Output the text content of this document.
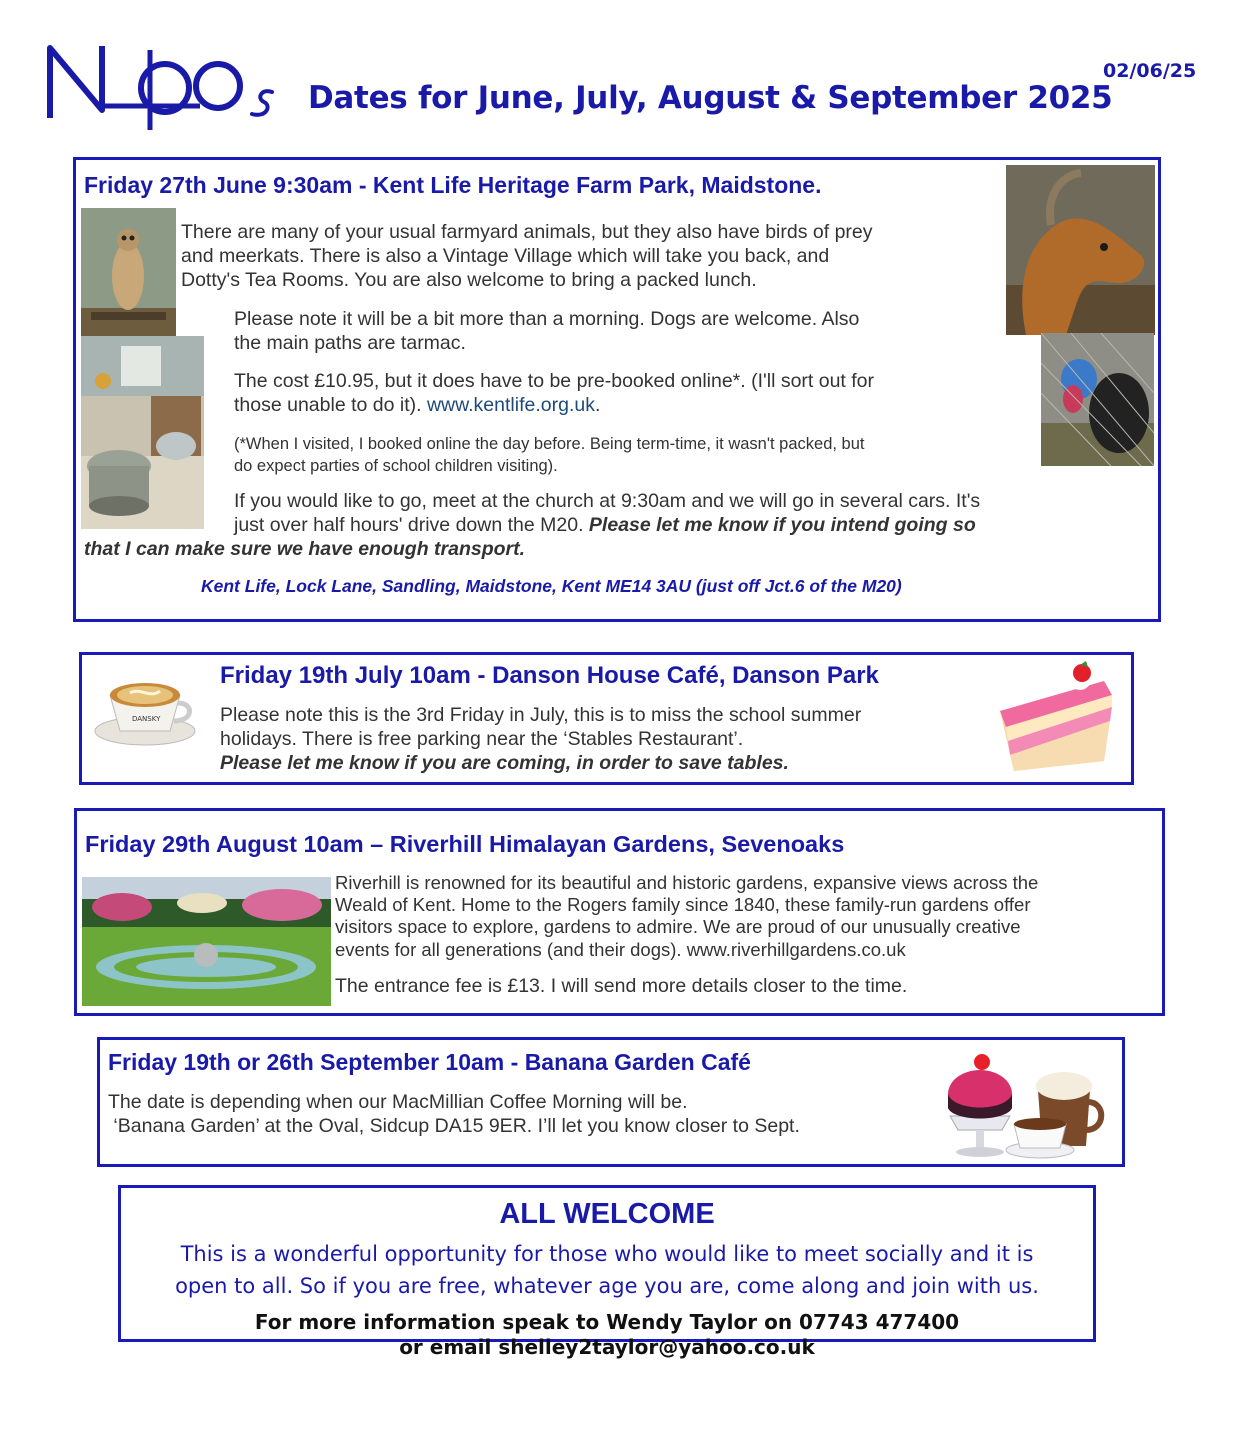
Dates for June, July, August & September 2025
02/06/25
Friday 27th June 9:30am - Kent Life Heritage Farm Park, Maidstone.
There are many of your usual farmyard animals, but they also have birds of prey
and meerkats. There is also a Vintage Village which will take you back, and
Dotty's Tea Rooms. You are also welcome to bring a packed lunch.
Please note it will be a bit more than a morning. Dogs are welcome. Also
the main paths are tarmac.
The cost £10.95, but it does have to be pre-booked online*. (I'll sort out for
those unable to do it). www.kentlife.org.uk.
(*When I visited, I booked online the day before. Being term-time, it wasn't packed, but
do expect parties of school children visiting).
If you would like to go, meet at the church at 9:30am and we will go in several cars. It's
just over half hours' drive down the M20. Please let me know if you intend going so
that I can make sure we have enough transport.
Kent Life, Lock Lane, Sandling, Maidstone, Kent ME14 3AU (just off Jct.6 of the M20)
DANSKY
Friday 19th July 10am - Danson House Café, Danson Park
Please note this is the 3rd Friday in July, this is to miss the school summer
holidays. There is free parking near the ‘Stables Restaurant’.
Please let me know if you are coming, in order to save tables.
Friday 29th August 10am – Riverhill Himalayan Gardens, Sevenoaks
Riverhill is renowned for its beautiful and historic gardens, expansive views across the
Weald of Kent. Home to the Rogers family since 1840, these family-run gardens offer
visitors space to explore, gardens to admire. We are proud of our unusually creative
events for all generations (and their dogs). www.riverhillgardens.co.uk
The entrance fee is £13. I will send more details closer to the time.
Friday 19th or 26th September 10am - Banana Garden Café
The date is depending when our MacMillian Coffee Morning will be.
‘Banana Garden’ at the Oval, Sidcup DA15 9ER. I’ll let you know closer to Sept.
ALL WELCOME
This is a wonderful opportunity for those who would like to meet socially and it is
open to all. So if you are free, whatever age you are, come along and join with us.
For more information speak to Wendy Taylor on 07743 477400
or email shelley2taylor@yahoo.co.uk
